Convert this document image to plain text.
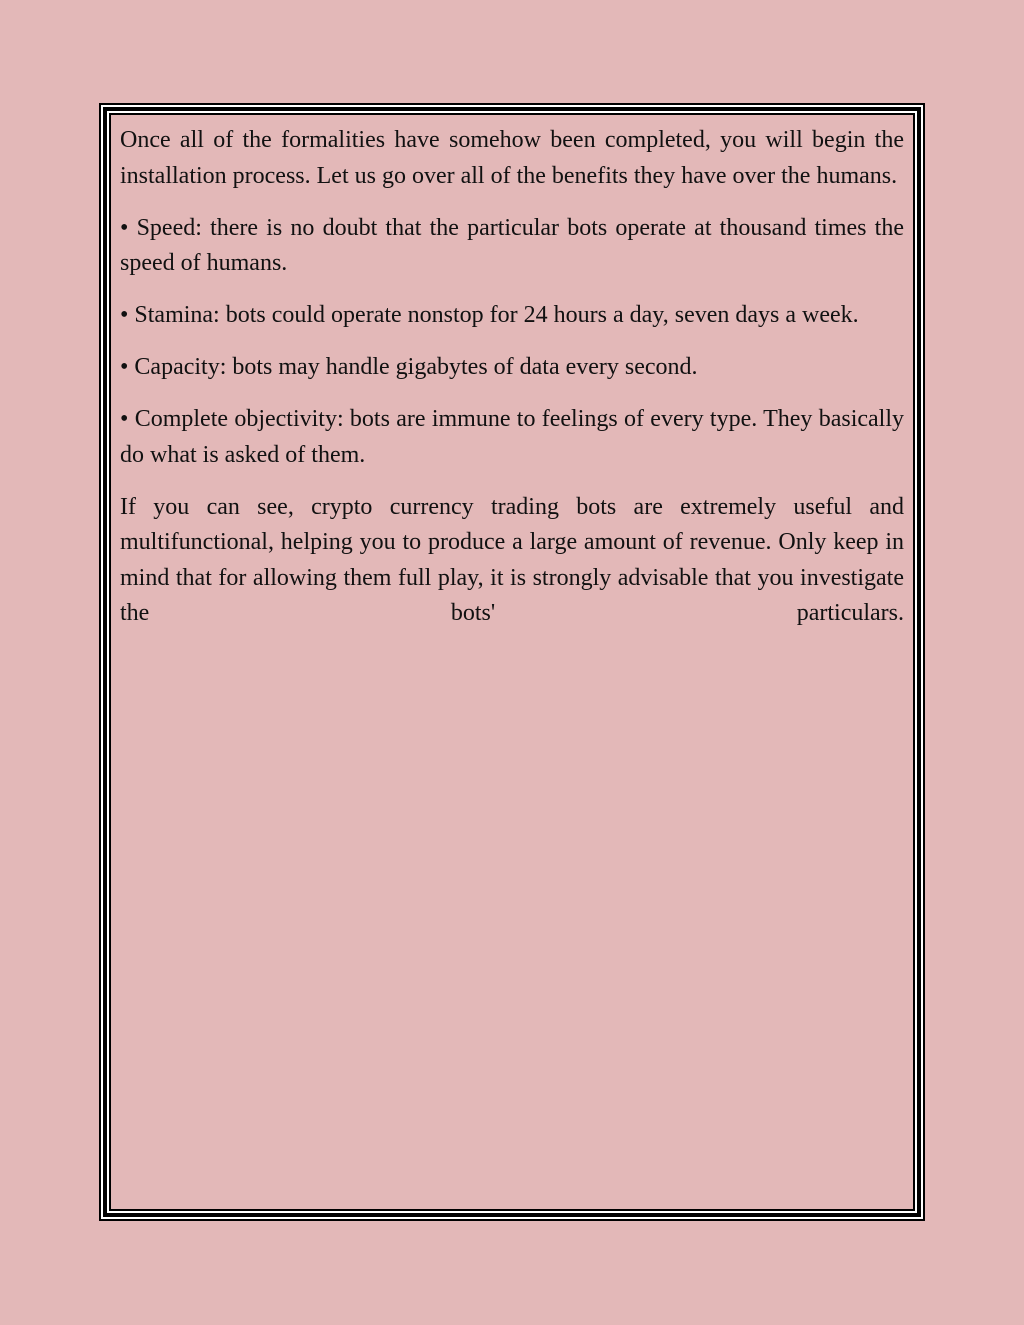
Once all of the formalities have somehow been completed, you will begin the installation process. Let us go over all of the benefits they have over the humans.

• Speed: there is no doubt that the particular bots operate at thousand times the speed of humans.

• Stamina: bots could operate nonstop for 24 hours a day, seven days a week.

• Capacity: bots may handle gigabytes of data every second.

• Complete objectivity: bots are immune to feelings of every type. They basically do what is asked of them.

If you can see, crypto currency trading bots are extremely useful and multifunctional, helping you to produce a large amount of revenue. Only keep in mind that for allowing them full play, it is strongly advisable that you investigate the bots' particulars.
